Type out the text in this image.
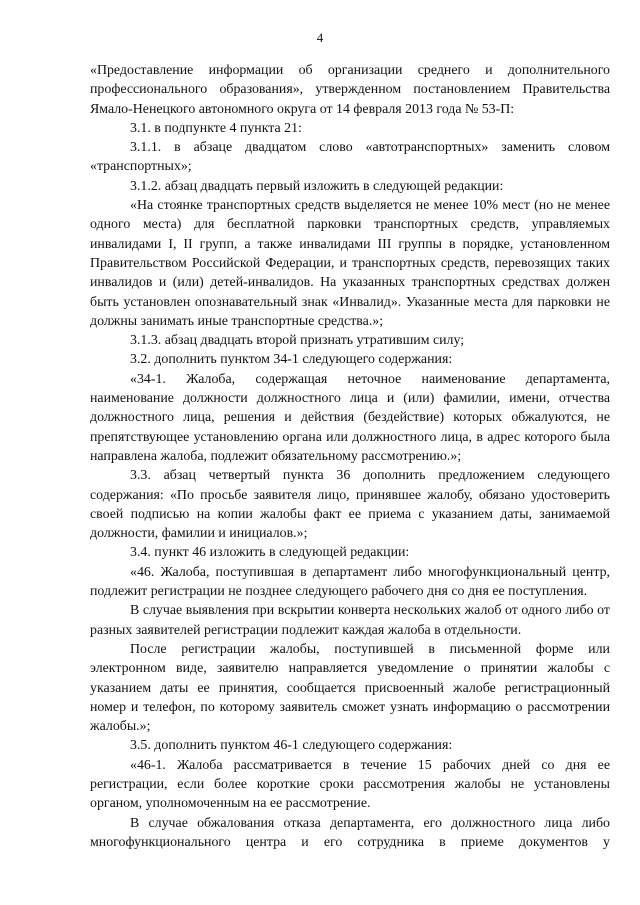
4

«Предоставление информации об организации среднего и дополнительного профессионального образования», утвержденном постановлением Правительства Ямало-Ненецкого автономного округа от 14 февраля 2013 года № 53-П:

3.1. в подпункте 4 пункта 21:

3.1.1. в абзаце двадцатом слово «автотранспортных» заменить словом «транспортных»;

3.1.2. абзац двадцать первый изложить в следующей редакции:

«На стоянке транспортных средств выделяется не менее 10% мест (но не менее одного места) для бесплатной парковки транспортных средств, управляемых инвалидами I, II групп, а также инвалидами III группы в порядке, установленном Правительством Российской Федерации, и транспортных средств, перевозящих таких инвалидов и (или) детей-инвалидов. На указанных транспортных средствах должен быть установлен опознавательный знак «Инвалид». Указанные места для парковки не должны занимать иные транспортные средства.»;

3.1.3. абзац двадцать второй признать утратившим силу;

3.2. дополнить пунктом 34-1 следующего содержания:

«34-1. Жалоба, содержащая неточное наименование департамента, наименование должности должностного лица и (или) фамилии, имени, отчества должностного лица, решения и действия (бездействие) которых обжалуются, не препятствующее установлению органа или должностного лица, в адрес которого была направлена жалоба, подлежит обязательному рассмотрению.»;

3.3. абзац четвертый пункта 36 дополнить предложением следующего содержания: «По просьбе заявителя лицо, принявшее жалобу, обязано удостоверить своей подписью на копии жалобы факт ее приема с указанием даты, занимаемой должности, фамилии и инициалов.»;

3.4. пункт 46 изложить в следующей редакции:

«46. Жалоба, поступившая в департамент либо многофункциональный центр, подлежит регистрации не позднее следующего рабочего дня со дня ее поступления.

В случае выявления при вскрытии конверта нескольких жалоб от одного либо от разных заявителей регистрации подлежит каждая жалоба в отдельности.

После регистрации жалобы, поступившей в письменной форме или электронном виде, заявителю направляется уведомление о принятии жалобы с указанием даты ее принятия, сообщается присвоенный жалобе регистрационный номер и телефон, по которому заявитель сможет узнать информацию о рассмотрении жалобы.»;

3.5. дополнить пунктом 46-1 следующего содержания:

«46-1. Жалоба рассматривается в течение 15 рабочих дней со дня ее регистрации, если более короткие сроки рассмотрения жалобы не установлены органом, уполномоченным на ее рассмотрение.

В случае обжалования отказа департамента, его должностного лица либо многофункционального центра и его сотрудника в приеме документов у
